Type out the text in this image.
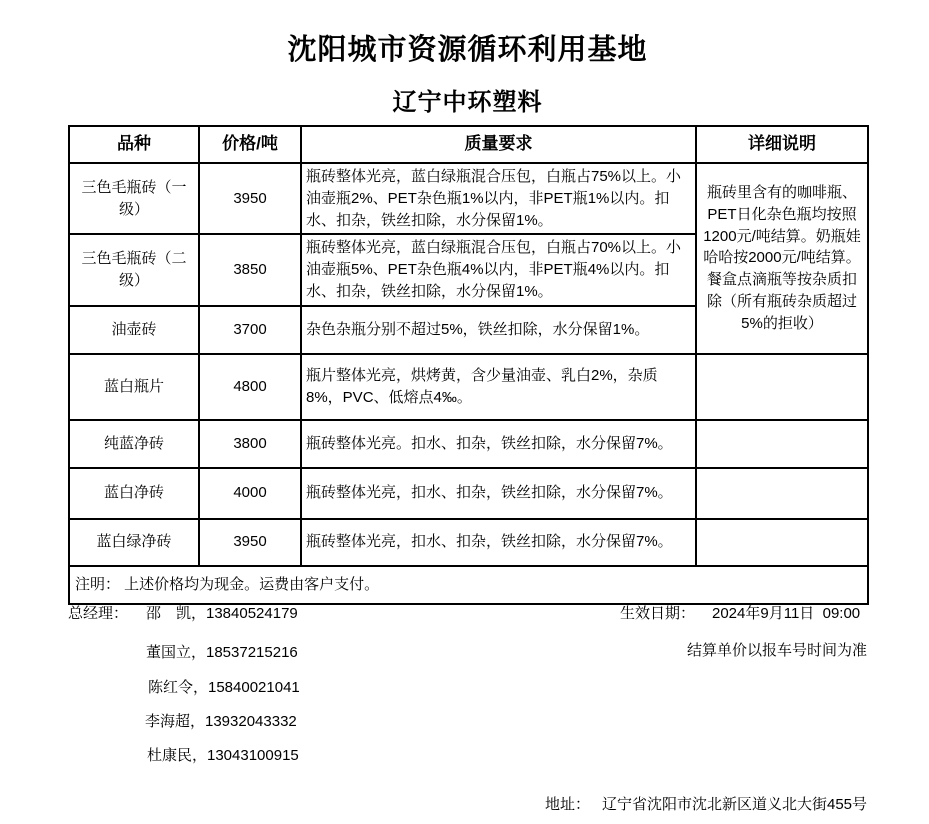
沈阳城市资源循环利用基地
辽宁中环塑料
品种	价格/吨	质量要求	详细说明
三色毛瓶砖（一级）	3950	瓶砖整体光亮，蓝白绿瓶混合压包，白瓶占75%以上。小油壶瓶2%、PET杂色瓶1%以内，非PET瓶1%以内。扣水、扣杂，铁丝扣除，水分保留1%。	瓶砖里含有的咖啡瓶、PET日化杂色瓶均按照1200元/吨结算。奶瓶娃哈哈按2000元/吨结算。餐盒点滴瓶等按杂质扣除（所有瓶砖杂质超过5%的拒收）
三色毛瓶砖（二级）	3850	瓶砖整体光亮，蓝白绿瓶混合压包，白瓶占70%以上。小油壶瓶5%、PET杂色瓶4%以内，非PET瓶4%以内。扣水、扣杂，铁丝扣除，水分保留1%。	
油壶砖	3700	杂色杂瓶分别不超过5%，铁丝扣除，水分保留1%。	
蓝白瓶片	4800	瓶片整体光亮，烘烤黄，含少量油壶、乳白2%，杂质8%，PVC、低熔点4‰。	
纯蓝净砖	3800	瓶砖整体光亮。扣水、扣杂，铁丝扣除，水分保留7%。	
蓝白净砖	4000	瓶砖整体光亮，扣水、扣杂，铁丝扣除，水分保留7%。	
蓝白绿净砖	3950	瓶砖整体光亮，扣水、扣杂，铁丝扣除，水分保留7%。	
注明： 上述价格均为现金。运费由客户支付。			
总经理： 邵　凯，13840524179
董国立，18537215216
陈红令，15840021041
李海超，13932043332
杜康民，13043100915
生效日期： 2024年9月11日  09:00
结算单价以报车号时间为准

地址： 辽宁省沈阳市沈北新区道义北大街455号
